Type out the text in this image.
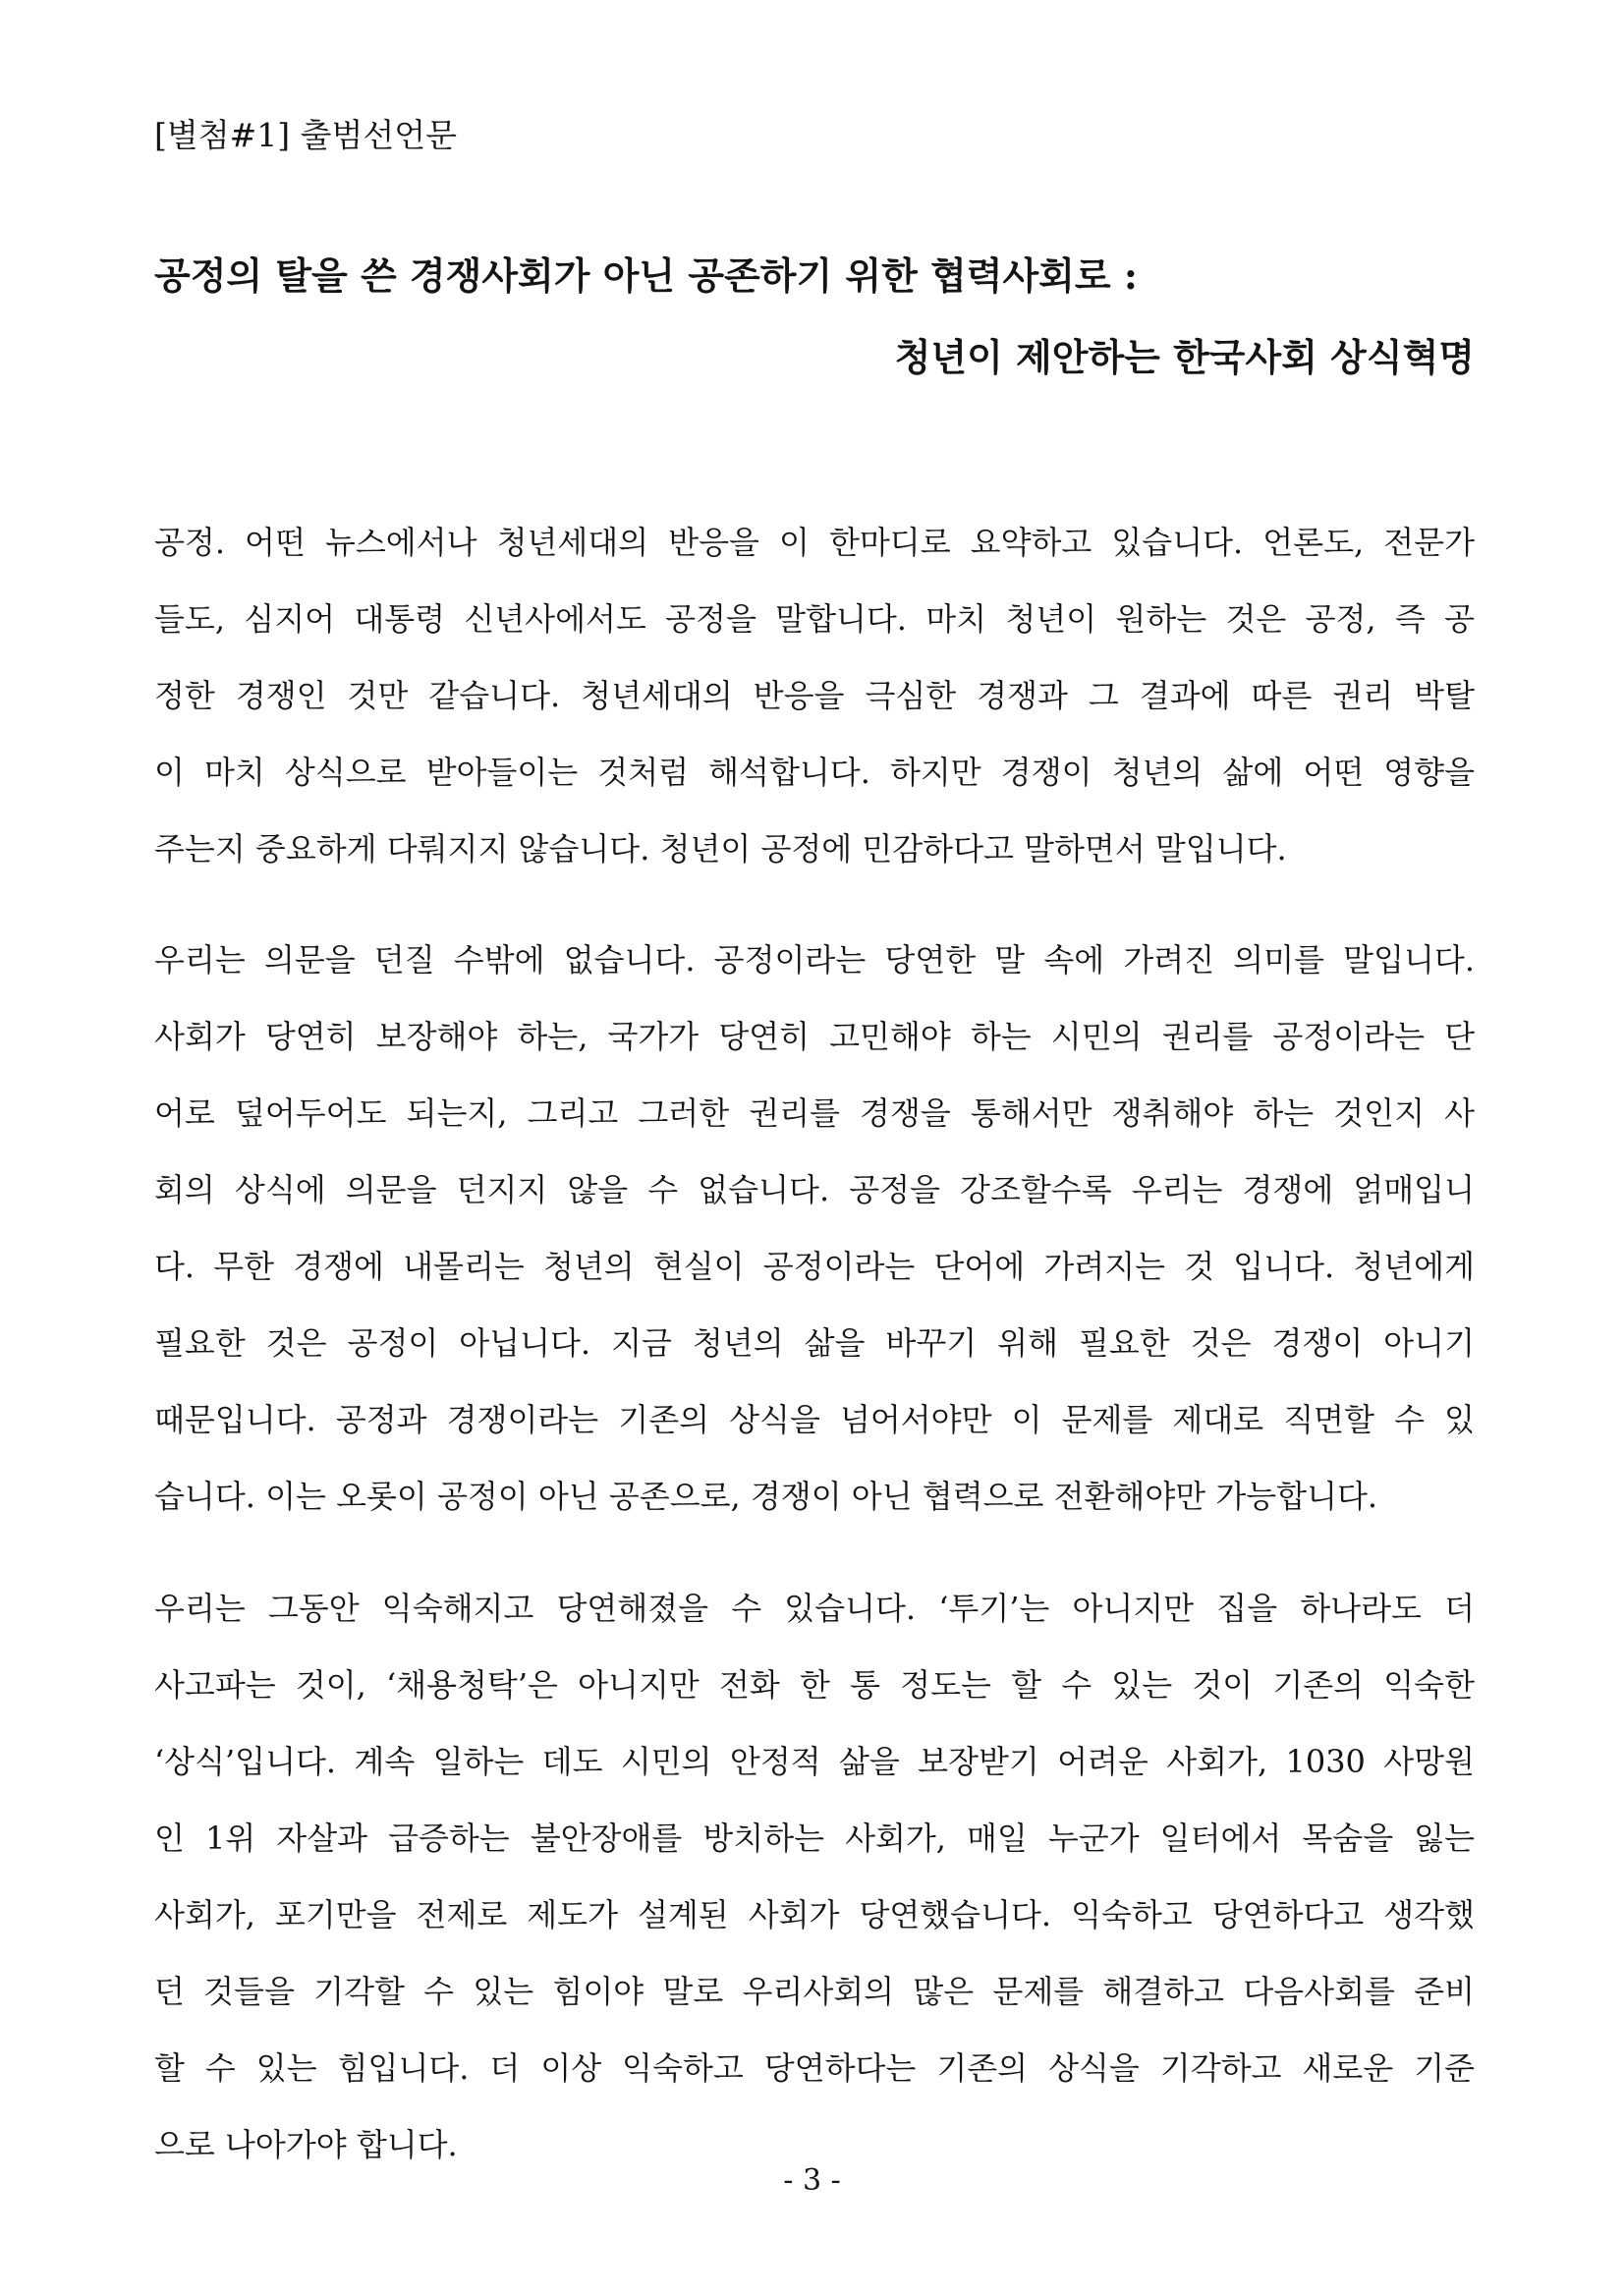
[별첨#1] 출범선언문
공정의 탈을 쓴 경쟁사회가 아닌 공존하기 위한 협력사회로 :
청년이 제안하는 한국사회 상식혁명
공정. 어떤 뉴스에서나 청년세대의 반응을 이 한마디로 요약하고 있습니다. 언론도, 전문가
들도, 심지어 대통령 신년사에서도 공정을 말합니다. 마치 청년이 원하는 것은 공정, 즉 공
정한 경쟁인 것만 같습니다. 청년세대의 반응을 극심한 경쟁과 그 결과에 따른 권리 박탈
이 마치 상식으로 받아들이는 것처럼 해석합니다. 하지만 경쟁이 청년의 삶에 어떤 영향을
주는지 중요하게 다뤄지지 않습니다. 청년이 공정에 민감하다고 말하면서 말입니다.
우리는 의문을 던질 수밖에 없습니다. 공정이라는 당연한 말 속에 가려진 의미를 말입니다.
사회가 당연히 보장해야 하는, 국가가 당연히 고민해야 하는 시민의 권리를 공정이라는 단
어로 덮어두어도 되는지, 그리고 그러한 권리를 경쟁을 통해서만 쟁취해야 하는 것인지 사
회의 상식에 의문을 던지지 않을 수 없습니다. 공정을 강조할수록 우리는 경쟁에 얽매입니
다. 무한 경쟁에 내몰리는 청년의 현실이 공정이라는 단어에 가려지는 것 입니다. 청년에게
필요한 것은 공정이 아닙니다. 지금 청년의 삶을 바꾸기 위해 필요한 것은 경쟁이 아니기
때문입니다. 공정과 경쟁이라는 기존의 상식을 넘어서야만 이 문제를 제대로 직면할 수 있
습니다. 이는 오롯이 공정이 아닌 공존으로, 경쟁이 아닌 협력으로 전환해야만 가능합니다.
우리는 그동안 익숙해지고 당연해졌을 수 있습니다. ‘투기’는 아니지만 집을 하나라도 더
사고파는 것이, ‘채용청탁’은 아니지만 전화 한 통 정도는 할 수 있는 것이 기존의 익숙한
‘상식’입니다. 계속 일하는 데도 시민의 안정적 삶을 보장받기 어려운 사회가, 1030 사망원
인 1위 자살과 급증하는 불안장애를 방치하는 사회가, 매일 누군가 일터에서 목숨을 잃는
사회가, 포기만을 전제로 제도가 설계된 사회가 당연했습니다. 익숙하고 당연하다고 생각했
던 것들을 기각할 수 있는 힘이야 말로 우리사회의 많은 문제를 해결하고 다음사회를 준비
할 수 있는 힘입니다. 더 이상 익숙하고 당연하다는 기존의 상식을 기각하고 새로운 기준
으로 나아가야 합니다.
- 3 -
